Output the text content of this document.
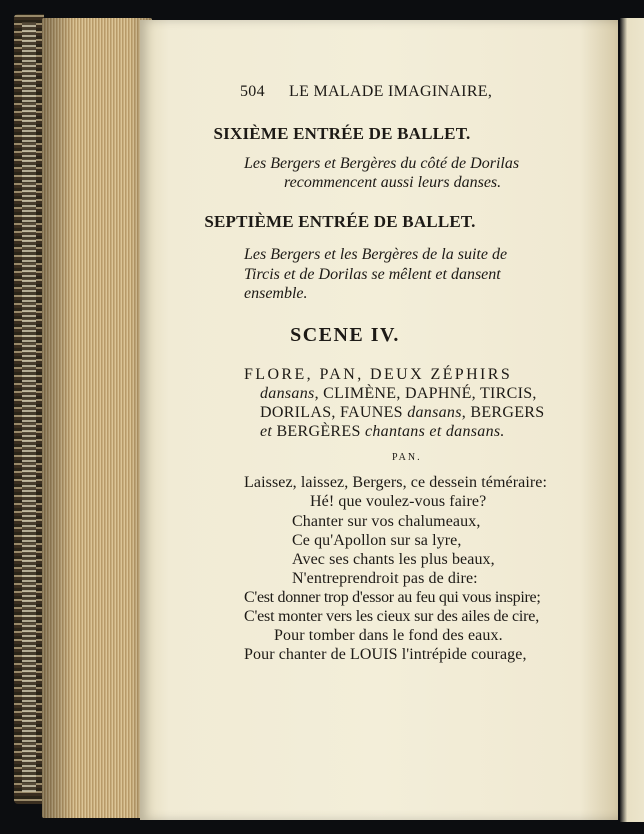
504 LE MALADE IMAGINAIRE,
SIXIÈME ENTRÉE DE BALLET.
Les Bergers et Bergères du côté de Dorilas
recommencent aussi leurs danses.
SEPTIÈME ENTRÉE DE BALLET.
Les Bergers et les Bergères de la suite de
Tircis et de Dorilas se mêlent et dansent
ensemble.
SCENE IV.
FLORE, PAN, DEUX ZÉPHIRS
dansans, CLIMÈNE, DAPHNÉ, TIRCIS,
DORILAS, FAUNES dansans, BERGERS
et BERGÈRES chantans et dansans.
PAN.
Laissez, laissez, Bergers, ce dessein téméraire:
Hé! que voulez-vous faire?
Chanter sur vos chalumeaux,
Ce qu'Apollon sur sa lyre,
Avec ses chants les plus beaux,
N'entreprendroit pas de dire:
C'est donner trop d'essor au feu qui vous inspire;
C'est monter vers les cieux sur des ailes de cire,
Pour tomber dans le fond des eaux.
Pour chanter de LOUIS l'intrépide courage,
